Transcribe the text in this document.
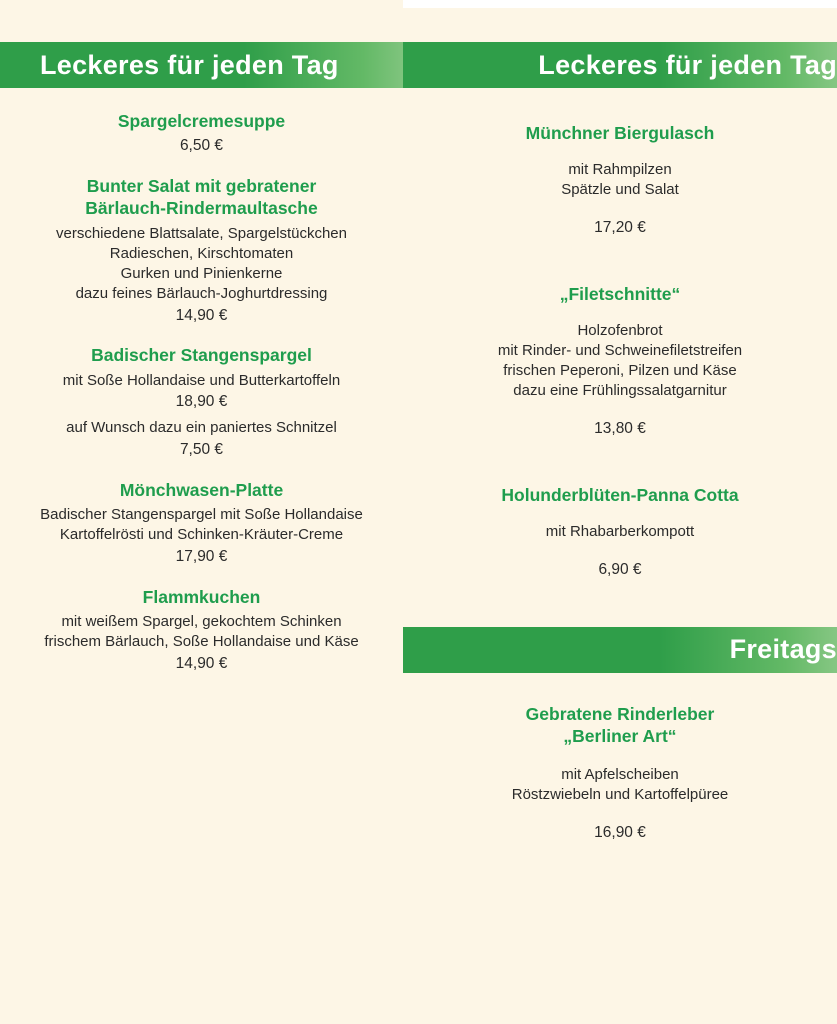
Leckeres für jeden Tag

Spargelcremesuppe

6,50 €

Bunter Salat mit gebratener
Bärlauch-Rindermaultasche

verschiedene Blattsalate, Spargelstückchen
Radieschen, Kirschtomaten
Gurken und Pinienkerne
dazu feines Bärlauch-Joghurtdressing

14,90 €

Badischer Stangenspargel

mit Soße Hollandaise und Butterkartoffeln

18,90 €

auf Wunsch dazu ein paniertes Schnitzel

7,50 €

Mönchwasen-Platte

Badischer Stangenspargel mit Soße Hollandaise
Kartoffelrösti und Schinken-Kräuter-Creme

17,90 €

Flammkuchen

mit weißem Spargel, gekochtem Schinken
frischem Bärlauch, Soße Hollandaise und Käse

14,90 €

Leckeres für jeden Tag

Münchner Biergulasch

mit Rahmpilzen
Spätzle und Salat

17,20 €

„Filetschnitte“

Holzofenbrot
mit Rinder- und Schweinefiletstreifen
frischen Peperoni, Pilzen und Käse
dazu eine Frühlingssalatgarnitur

13,80 €

Holunderblüten-Panna Cotta

mit Rhabarberkompott

6,90 €

Freitags

Gebratene Rinderleber
„Berliner Art“

mit Apfelscheiben
Röstzwiebeln und Kartoffelpüree

16,90 €
